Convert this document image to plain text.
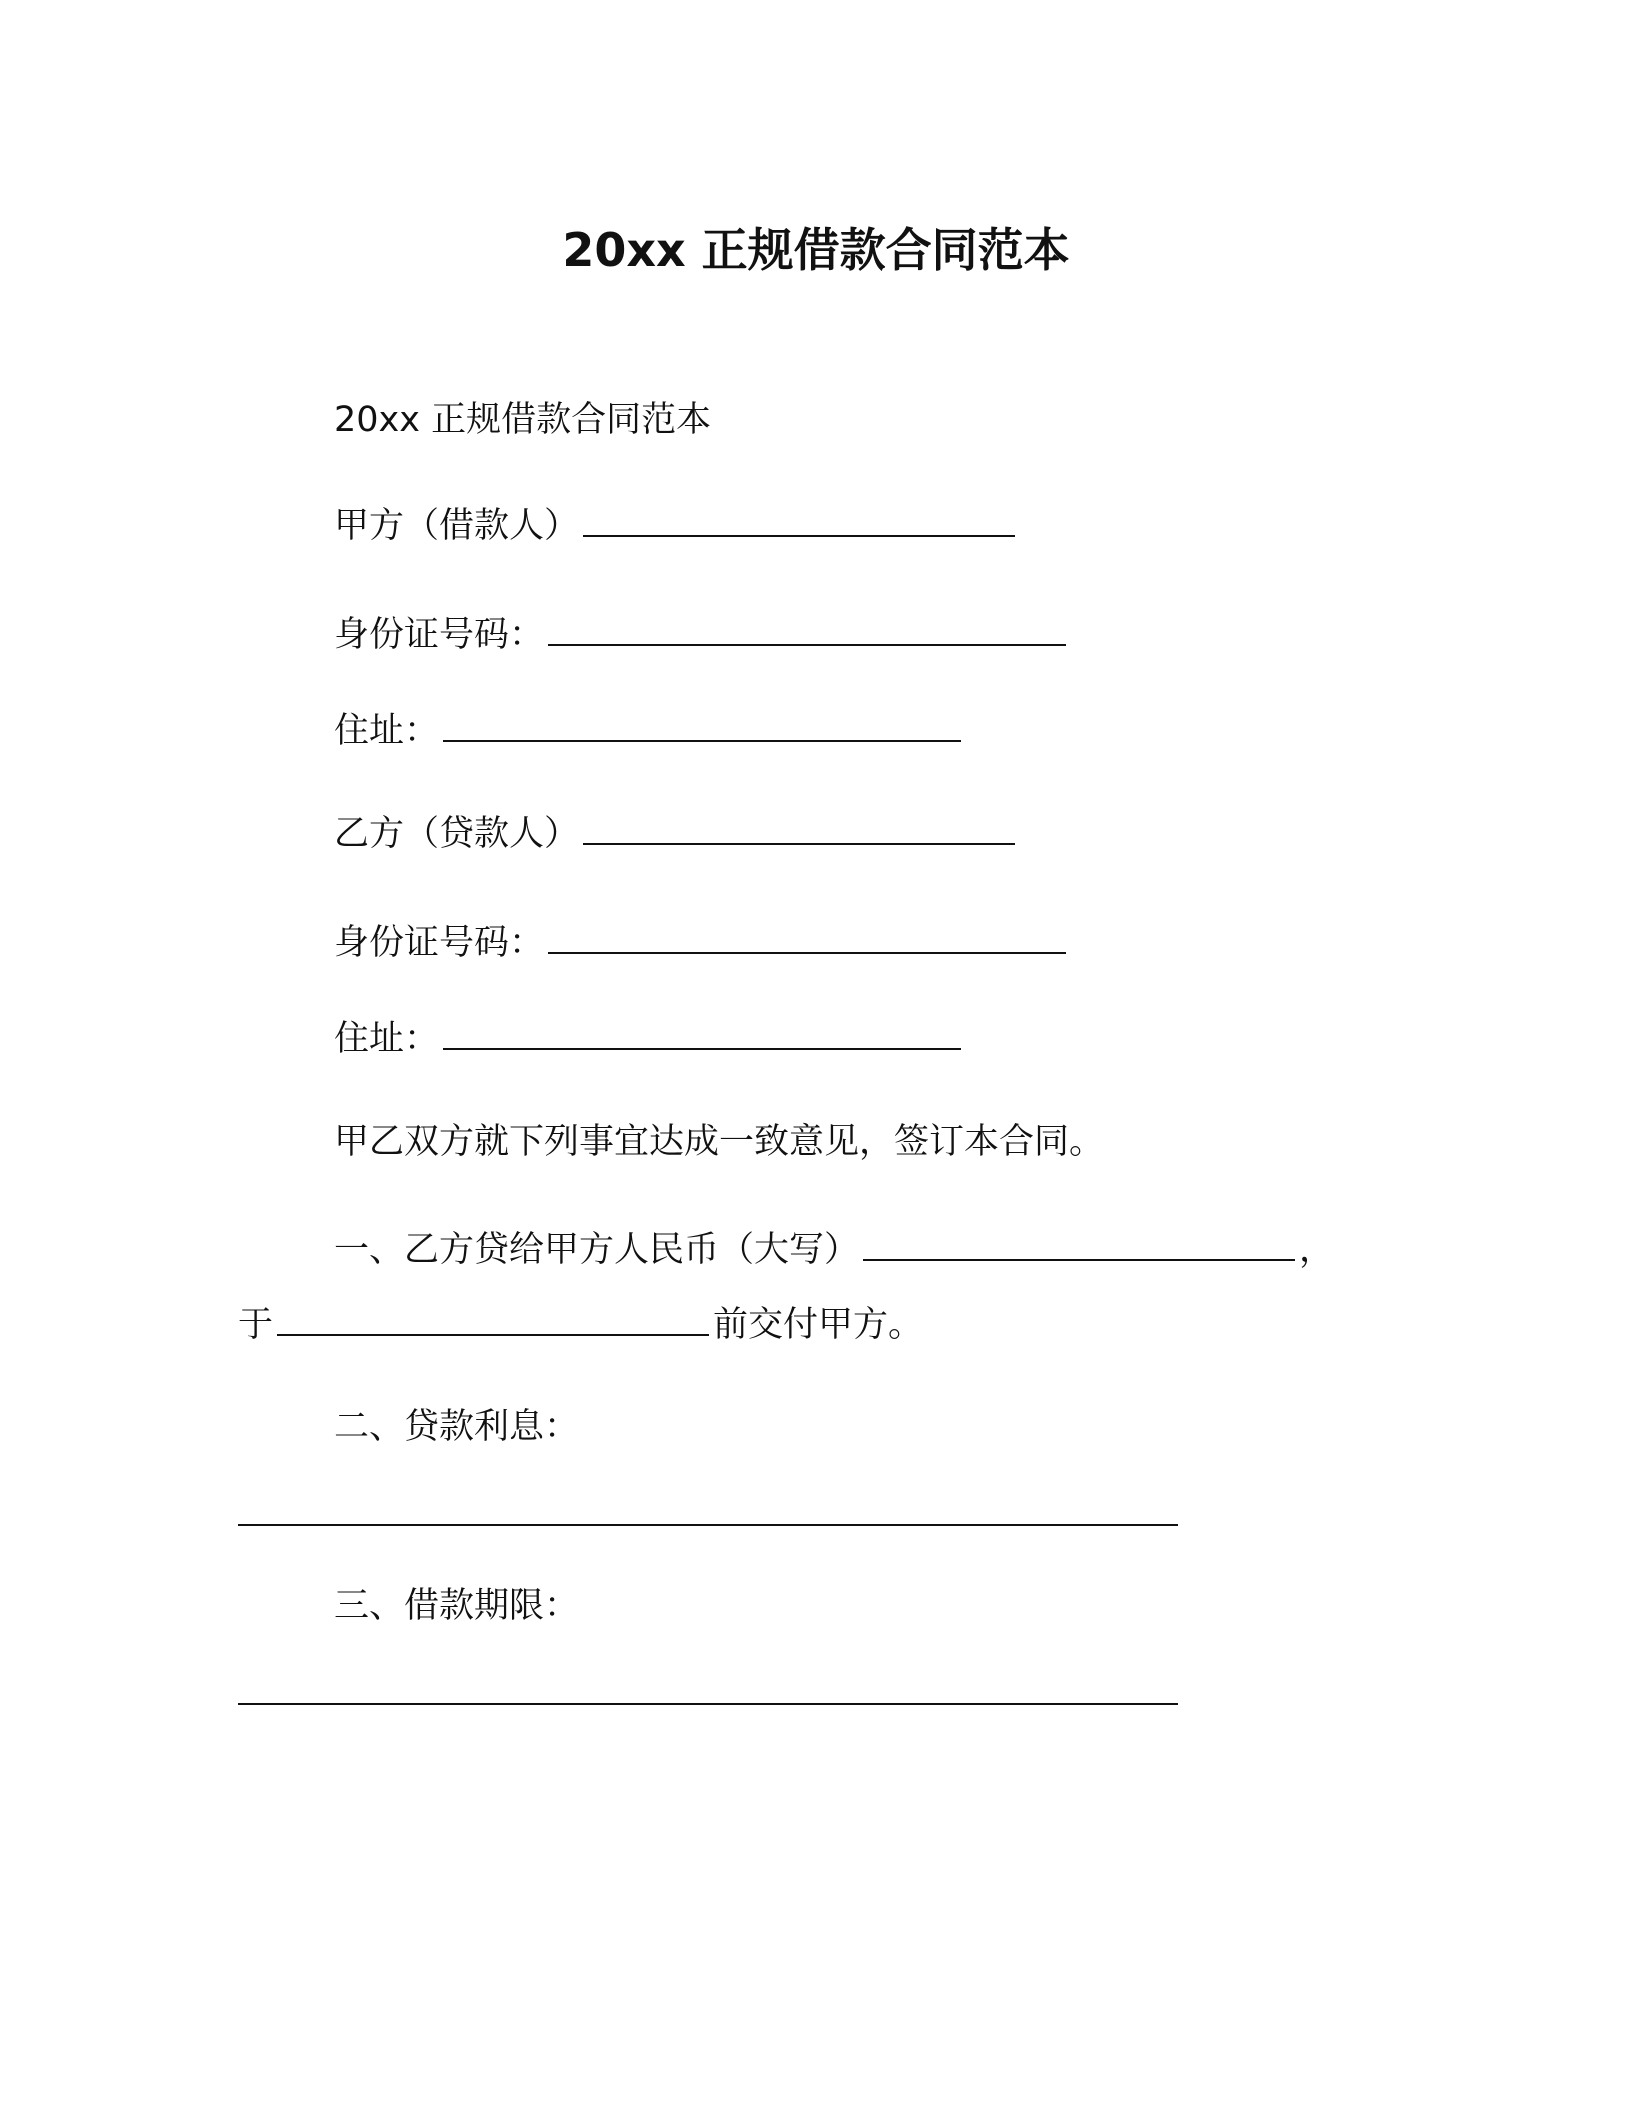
20xx 正规借款合同范本
20xx 正规借款合同范本
甲方（借款人）
身份证号码：
住址：
乙方（贷款人）
身份证号码：
住址：
甲乙双方就下列事宜达成一致意见，签订本合同。
一、乙方贷给甲方人民币（大写）	，
于	前交付甲方。
二、贷款利息：
三、借款期限：
